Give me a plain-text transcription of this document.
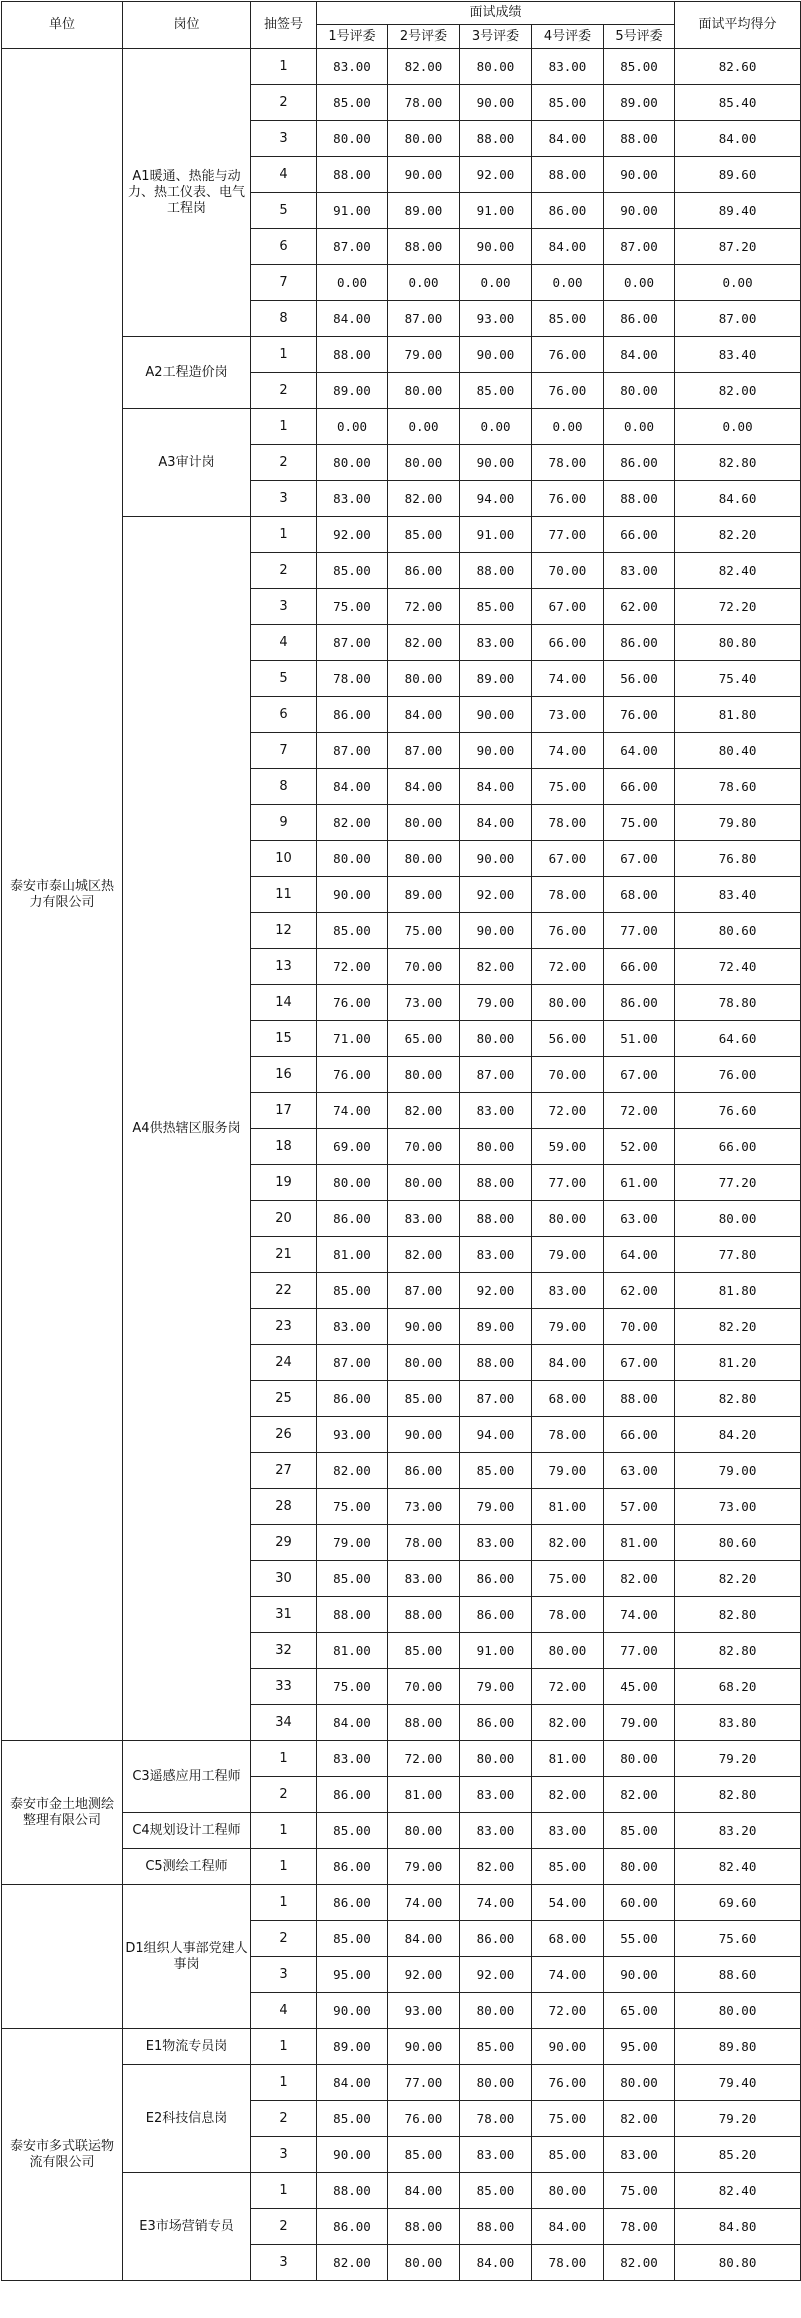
单位	岗位	抽签号	面试成绩					面试平均得分
			1号评委	2号评委	3号评委	4号评委	5号评委	
泰安市泰山城区热力有限公司	A1暖通、热能与动力、热工仪表、电气工程岗	1	83.00	82.00	80.00	83.00	85.00	82.60
		2	85.00	78.00	90.00	85.00	89.00	85.40
		3	80.00	80.00	88.00	84.00	88.00	84.00
		4	88.00	90.00	92.00	88.00	90.00	89.60
		5	91.00	89.00	91.00	86.00	90.00	89.40
		6	87.00	88.00	90.00	84.00	87.00	87.20
		7	0.00	0.00	0.00	0.00	0.00	0.00
		8	84.00	87.00	93.00	85.00	86.00	87.00
	A2工程造价岗	1	88.00	79.00	90.00	76.00	84.00	83.40
		2	89.00	80.00	85.00	76.00	80.00	82.00
	A3审计岗	1	0.00	0.00	0.00	0.00	0.00	0.00
		2	80.00	80.00	90.00	78.00	86.00	82.80
		3	83.00	82.00	94.00	76.00	88.00	84.60
	A4供热辖区服务岗	1	92.00	85.00	91.00	77.00	66.00	82.20
		2	85.00	86.00	88.00	70.00	83.00	82.40
		3	75.00	72.00	85.00	67.00	62.00	72.20
		4	87.00	82.00	83.00	66.00	86.00	80.80
		5	78.00	80.00	89.00	74.00	56.00	75.40
		6	86.00	84.00	90.00	73.00	76.00	81.80
		7	87.00	87.00	90.00	74.00	64.00	80.40
		8	84.00	84.00	84.00	75.00	66.00	78.60
		9	82.00	80.00	84.00	78.00	75.00	79.80
		10	80.00	80.00	90.00	67.00	67.00	76.80
		11	90.00	89.00	92.00	78.00	68.00	83.40
		12	85.00	75.00	90.00	76.00	77.00	80.60
		13	72.00	70.00	82.00	72.00	66.00	72.40
		14	76.00	73.00	79.00	80.00	86.00	78.80
		15	71.00	65.00	80.00	56.00	51.00	64.60
		16	76.00	80.00	87.00	70.00	67.00	76.00
		17	74.00	82.00	83.00	72.00	72.00	76.60
		18	69.00	70.00	80.00	59.00	52.00	66.00
		19	80.00	80.00	88.00	77.00	61.00	77.20
		20	86.00	83.00	88.00	80.00	63.00	80.00
		21	81.00	82.00	83.00	79.00	64.00	77.80
		22	85.00	87.00	92.00	83.00	62.00	81.80
		23	83.00	90.00	89.00	79.00	70.00	82.20
		24	87.00	80.00	88.00	84.00	67.00	81.20
		25	86.00	85.00	87.00	68.00	88.00	82.80
		26	93.00	90.00	94.00	78.00	66.00	84.20
		27	82.00	86.00	85.00	79.00	63.00	79.00
		28	75.00	73.00	79.00	81.00	57.00	73.00
		29	79.00	78.00	83.00	82.00	81.00	80.60
		30	85.00	83.00	86.00	75.00	82.00	82.20
		31	88.00	88.00	86.00	78.00	74.00	82.80
		32	81.00	85.00	91.00	80.00	77.00	82.80
		33	75.00	70.00	79.00	72.00	45.00	68.20
		34	84.00	88.00	86.00	82.00	79.00	83.80
泰安市金土地测绘整理有限公司	C3遥感应用工程师	1	83.00	72.00	80.00	81.00	80.00	79.20
		2	86.00	81.00	83.00	82.00	82.00	82.80
	C4规划设计工程师	1	85.00	80.00	83.00	83.00	85.00	83.20
	C5测绘工程师	1	86.00	79.00	82.00	85.00	80.00	82.40
	D1组织人事部党建人事岗	1	86.00	74.00	74.00	54.00	60.00	69.60
		2	85.00	84.00	86.00	68.00	55.00	75.60
		3	95.00	92.00	92.00	74.00	90.00	88.60
		4	90.00	93.00	80.00	72.00	65.00	80.00
泰安市多式联运物流有限公司	E1物流专员岗	1	89.00	90.00	85.00	90.00	95.00	89.80
	E2科技信息岗	1	84.00	77.00	80.00	76.00	80.00	79.40
		2	85.00	76.00	78.00	75.00	82.00	79.20
		3	90.00	85.00	83.00	85.00	83.00	85.20
	E3市场营销专员	1	88.00	84.00	85.00	80.00	75.00	82.40
		2	86.00	88.00	88.00	84.00	78.00	84.80
		3	82.00	80.00	84.00	78.00	82.00	80.80
